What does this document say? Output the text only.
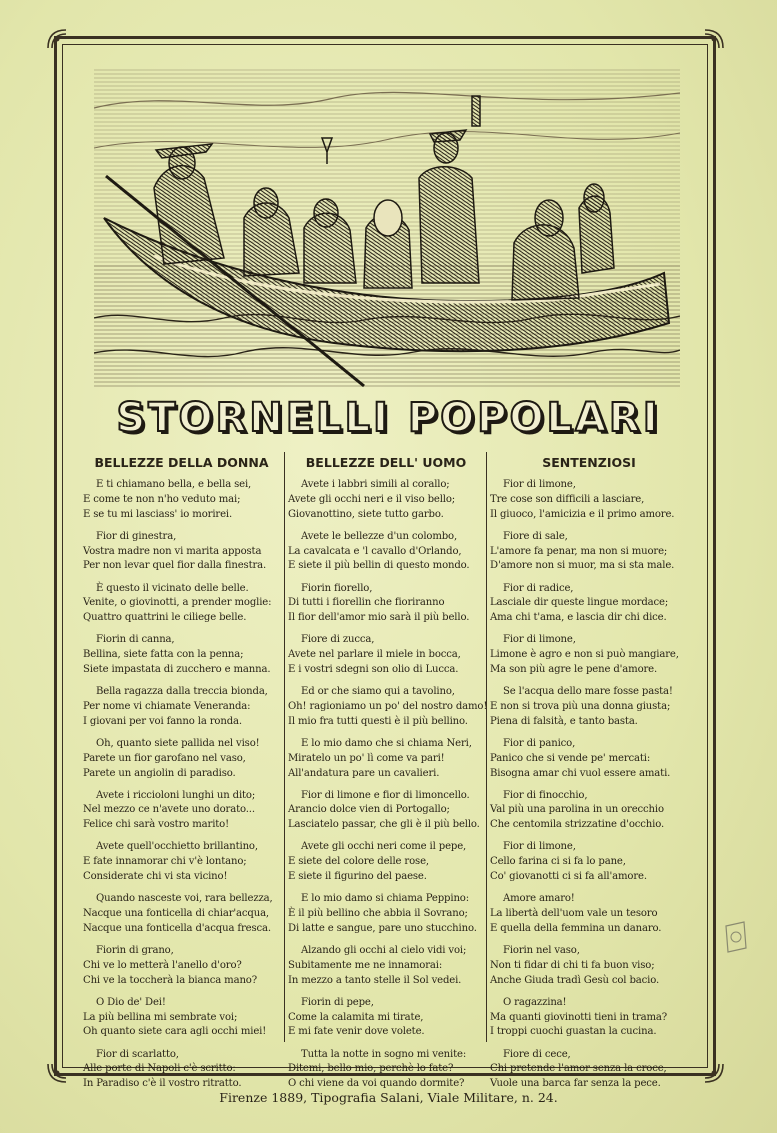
STORNELLI POPOLARI
BELLEZZE DELLA DONNA
E ti chiamano bella, e bella sei,
E come te non n'ho veduto mai;
E se tu mi lasciass' io morirei.
Fior di ginestra,
Vostra madre non vi marita apposta
Per non levar quel fior dalla finestra.
È questo il vicinato delle belle.
Venite, o giovinotti, a prender moglie:
Quattro quattrini le ciliege belle.
Fiorin di canna,
Bellina, siete fatta con la penna;
Siete impastata di zucchero e manna.
Bella ragazza dalla treccia bionda,
Per nome vi chiamate Veneranda:
I giovani per voi fanno la ronda.
Oh, quanto siete pallida nel viso!
Parete un fior garofano nel vaso,
Parete un angiolin di paradiso.
Avete i riccioloni lunghi un dito;
Nel mezzo ce n'avete uno dorato...
Felice chi sarà vostro marito!
Avete quell'occhietto brillantino,
E fate innamorar chi v'è lontano;
Considerate chi vi sta vicino!
Quando nasceste voi, rara bellezza,
Nacque una fonticella di chiar'acqua,
Nacque una fonticella d'acqua fresca.
Fiorin di grano,
Chi ve lo metterà l'anello d'oro?
Chi ve la toccherà la bianca mano?
O Dio de' Dei!
La più bellina mi sembrate voi;
Oh quanto siete cara agli occhi miei!
Fior di scarlatto,
Alle porte di Napoli c'è scritto:
In Paradiso c'è il vostro ritratto.
BELLEZZE DELL' UOMO
Avete i labbri simili al corallo;
Avete gli occhi neri e il viso bello;
Giovanottino, siete tutto garbo.
Avete le bellezze d'un colombo,
La cavalcata e 'l cavallo d'Orlando,
E siete il più bellin di questo mondo.
Fiorin fiorello,
Di tutti i fiorellin che fioriranno
Il fior dell'amor mio sarà il più bello.
Fiore di zucca,
Avete nel parlare il miele in bocca,
E i vostri sdegni son olio di Lucca.
Ed or che siamo qui a tavolino,
Oh! ragioniamo un po' del nostro damo!
Il mio fra tutti questi è il più bellino.
E lo mio damo che si chiama Neri,
Miratelo un po' lì come va pari!
All'andatura pare un cavalieri.
Fior di limone e fior di limoncello.
Arancio dolce vien di Portogallo;
Lasciatelo passar, che gli è il più bello.
Avete gli occhi neri come il pepe,
E siete del colore delle rose,
E siete il figurino del paese.
E lo mio damo si chiama Peppino:
È il più bellino che abbia il Sovrano;
Di latte e sangue, pare uno stucchino.
Alzando gli occhi al cielo vidi voi;
Subitamente me ne innamorai:
In mezzo a tanto stelle il Sol vedei.
Fiorin di pepe,
Come la calamita mi tirate,
E mi fate venir dove volete.
Tutta la notte in sogno mi venite:
Ditemi, bello mio, perchè lo fate?
O chi viene da voi quando dormite?
SENTENZIOSI
Fior di limone,
Tre cose son difficili a lasciare,
Il giuoco, l'amicizia e il primo amore.
Fiore di sale,
L'amore fa penar, ma non si muore;
D'amore non si muor, ma si sta male.
Fior di radice,
Lasciale dir queste lingue mordace;
Ama chi t'ama, e lascia dir chi dice.
Fior di limone,
Limone è agro e non si può mangiare,
Ma son più agre le pene d'amore.
Se l'acqua dello mare fosse pasta!
E non si trova più una donna giusta;
Piena di falsità, e tanto basta.
Fior di panico,
Panico che si vende pe' mercati:
Bisogna amar chi vuol essere amati.
Fior di finocchio,
Val più una parolina in un orecchio
Che centomila strizzatine d'occhio.
Fior di limone,
Cello farina ci si fa lo pane,
Co' giovanotti ci si fa all'amore.
Amore amaro!
La libertà dell'uom vale un tesoro
E quella della femmina un danaro.
Fiorin nel vaso,
Non ti fidar di chi ti fa buon viso;
Anche Giuda tradì Gesù col bacio.
O ragazzina!
Ma quanti giovinotti tieni in trama?
I troppi cuochi guastan la cucina.
Fiore di cece,
Chi pretende l'amor senza la croce,
Vuole una barca far senza la pece.
Firenze 1889, Tipografia Salani, Viale Militare, n. 24.
